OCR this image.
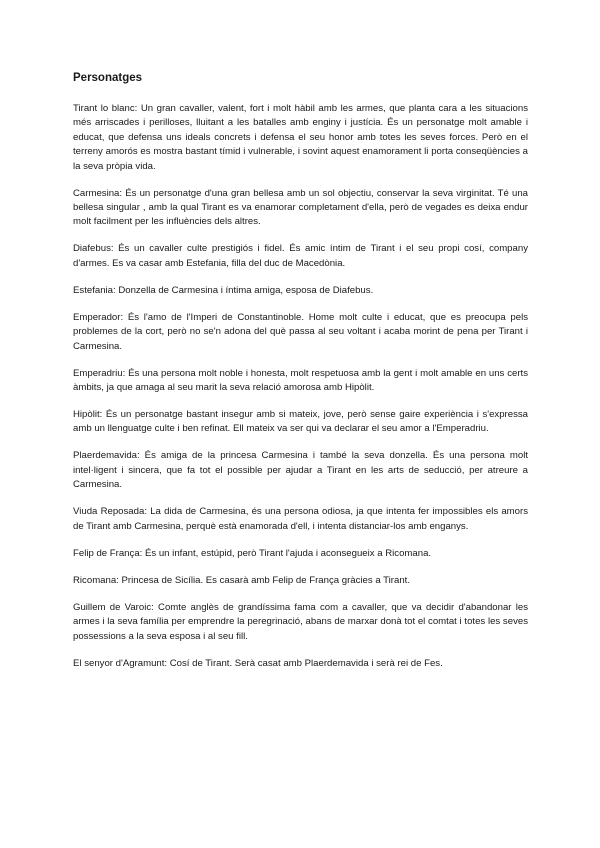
Personatges

Tirant lo blanc: Un gran cavaller, valent, fort i molt hàbil amb les armes, que planta cara a les situacions més arriscades i perilloses, lluitant a les batalles amb enginy i justícia. És un personatge molt amable i educat, que defensa uns ideals concrets i defensa el seu honor amb totes les seves forces. Però en el terreny amorós es mostra bastant tímid i vulnerable, i sovint aquest enamorament li porta conseqüències a la seva pròpia vida.

Carmesina: És un personatge d'una gran bellesa amb un sol objectiu, conservar la seva virginitat. Té una bellesa singular , amb la qual Tirant es va enamorar completament d'ella, però de vegades es deixa endur molt facilment per les influències dels altres.

Diafebus: És un cavaller culte prestigiós i fidel. És amic íntim de Tirant i el seu propi cosí, company d'armes. Es va casar amb Estefania, filla del duc de Macedònia.

Estefania: Donzella de Carmesina i íntima amiga, esposa de Diafebus.

Emperador: És l'amo de l'Imperi de Constantinoble. Home molt culte i educat, que es preocupa pels problemes de la cort, però no se'n adona del què passa al seu voltant i acaba morint de pena per Tirant i Carmesina.

Emperadriu: És una persona molt noble i honesta, molt respetuosa amb la gent i molt amable en uns certs àmbits, ja que amaga al seu marit la seva relació amorosa amb Hipòlit.

Hipòlit: És un personatge bastant insegur amb si mateix, jove, però sense gaire experiència i s'expressa amb un llenguatge culte i ben refinat. Ell mateix va ser qui va declarar el seu amor a l'Emperadriu.

Plaerdemavida: És amiga de la princesa Carmesina i també la seva donzella. És una persona molt intel·ligent i sincera, que fa tot el possible per ajudar a Tirant en les arts de seducció, per atreure a Carmesina.

Viuda Reposada: La dida de Carmesina, és una persona odiosa, ja que intenta fer impossibles els amors de Tirant amb Carmesina, perquè està enamorada d'ell, i intenta distanciar-los amb enganys.

Felip de França: És un infant, estúpid, però Tirant l'ajuda i aconsegueix a Ricomana.

Ricomana: Princesa de Sicília. Es casarà amb Felip de França gràcies a Tirant.

Guillem de Varoic: Comte anglès de grandíssima fama com a cavaller, que va decidir d'abandonar les armes i la seva família per emprendre la peregrinació, abans de marxar donà tot el comtat i totes les seves possessions a la seva esposa i al seu fill.

El senyor d'Agramunt: Cosí de Tirant. Serà casat amb Plaerdemavida i serà rei de Fes.
